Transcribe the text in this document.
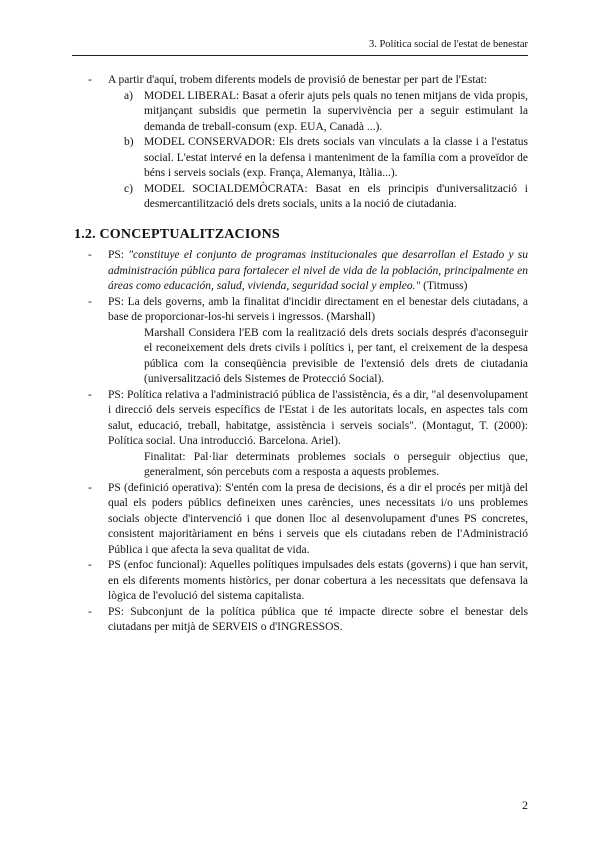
3. Política social de l'estat de benestar
- A partir d'aquí, trobem diferents models de provisió de benestar per part de l'Estat:
a) MODEL LIBERAL: Basat a oferir ajuts pels quals no tenen mitjans de vida propis, mitjançant subsidis que permetin la supervivència per a seguir estimulant la demanda de treball-consum (exp. EUA, Canadà ...).
b) MODEL CONSERVADOR: Els drets socials van vinculats a la classe i a l'estatus social. L'estat intervé en la defensa i manteniment de la família com a proveïdor de béns i serveis socials (exp. França, Alemanya, Itàlia...).
c) MODEL SOCIALDEMÒCRATA: Basat en els principis d'universalització i desmercantilització dels drets socials, units a la noció de ciutadania.
1.2. CONCEPTUALITZACIONS
- PS: "constituye el conjunto de programas institucionales que desarrollan el Estado y su administración pública para fortalecer el nivel de vida de la población, principalmente en áreas como educación, salud, vivienda, seguridad social y empleo." (Titmuss)
- PS: La dels governs, amb la finalitat d'incidir directament en el benestar dels ciutadans, a base de proporcionar-los-hi serveis i ingressos. (Marshall)
Marshall Considera l'EB com la realització dels drets socials després d'aconseguir el reconeixement dels drets civils i polítics i, per tant, el creixement de la despesa pública com la conseqüència previsible de l'extensió dels drets de ciutadania (universalització dels Sistemes de Protecció Social).
- PS: Política relativa a l'administració pública de l'assistència, és a dir, "al desenvolupament i direcció dels serveis específics de l'Estat i de les autoritats locals, en aspectes tals com salut, educació, treball, habitatge, assistència i serveis socials". (Montagut, T. (2000): Política social. Una introducció. Barcelona. Ariel).
Finalitat: Pal·liar determinats problemes socials o perseguir objectius que, generalment, són percebuts com a resposta a aquests problemes.
- PS (definició operativa): S'entén com la presa de decisions, és a dir el procés per mitjà del qual els poders públics defineixen unes carències, unes necessitats i/o uns problemes socials objecte d'intervenció i que donen lloc al desenvolupament d'unes PS concretes, consistent majoritàriament en béns i serveis que els ciutadans reben de l'Administració Pública i que afecta la seva qualitat de vida.
- PS (enfoc funcional): Aquelles polítiques impulsades dels estats (governs) i que han servit, en els diferents moments històrics, per donar cobertura a les necessitats que defensava la lògica de l'evolució del sistema capitalista.
- PS: Subconjunt de la política pública que té impacte directe sobre el benestar dels ciutadans per mitjà de SERVEIS o d'INGRESSOS.
2
